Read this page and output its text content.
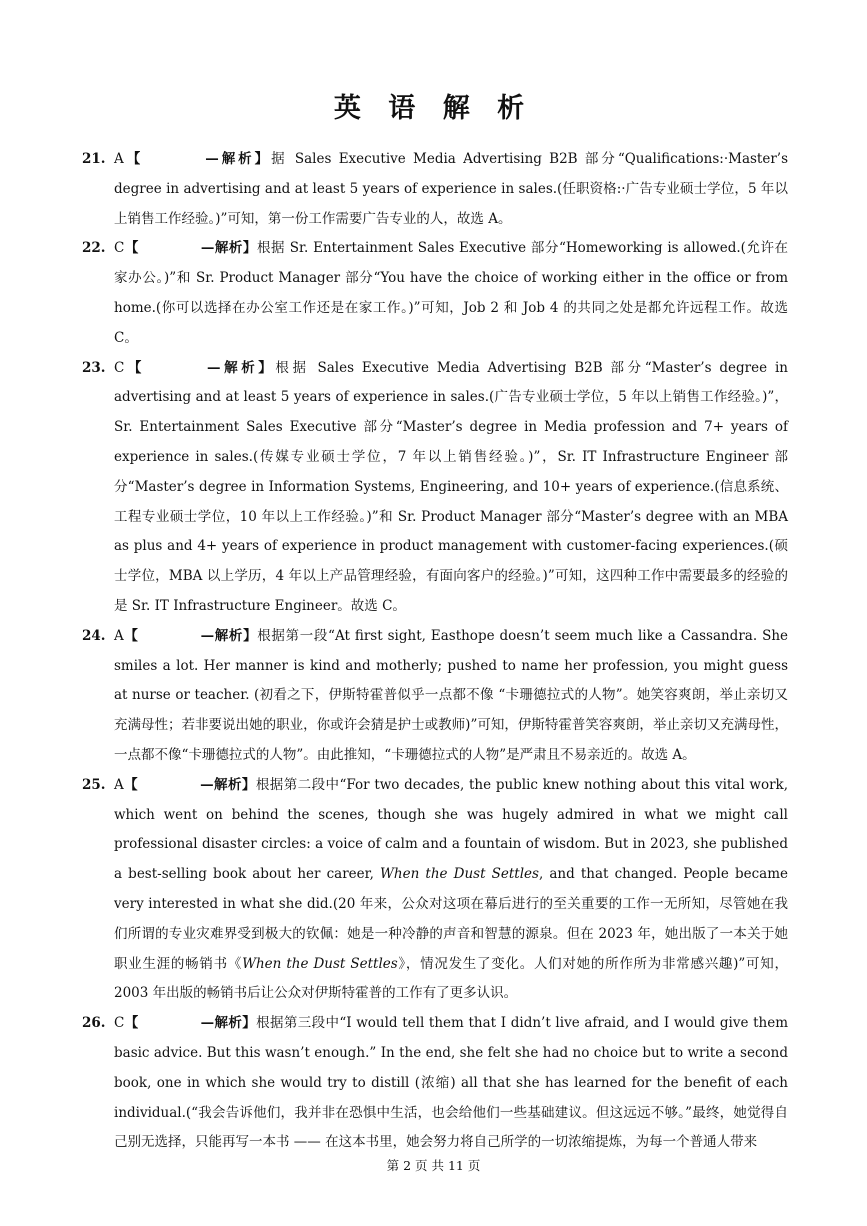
英 语 解 析
21. A【	—解析】据 Sales Executive Media Advertising B2B 部分“Qualifications:·Master’s degree in advertising and at least 5 years of experience in sales.(任职资格:·广告专业硕士学位，5 年以上销售工作经验。)”可知，第一份工作需要广告专业的人，故选 A。
22. C【	—解析】根据 Sr. Entertainment Sales Executive 部分“Homeworking is allowed.(允许在家办公。)”和 Sr. Product Manager 部分“You have the choice of working either in the office or from home.(你可以选择在办公室工作还是在家工作。)”可知，Job 2 和 Job 4 的共同之处是都允许远程工作。故选 C。
23. C【	—解析】根据 Sales Executive Media Advertising B2B 部分“Master’s degree in advertising and at least 5 years of experience in sales.(广告专业硕士学位，5 年以上销售工作经验。)”，Sr. Entertainment Sales Executive 部分“Master’s degree in Media profession and 7+ years of experience in sales.(传媒专业硕士学位，7 年以上销售经验。)”，Sr. IT Infrastructure Engineer 部分“Master’s degree in Information Systems, Engineering, and 10+ years of experience.(信息系统、工程专业硕士学位，10 年以上工作经验。)”和 Sr. Product Manager 部分“Master’s degree with an MBA as plus and 4+ years of experience in product management with customer-facing experiences.(硕士学位，MBA 以上学历，4 年以上产品管理经验，有面向客户的经验。)”可知，这四种工作中需要最多的经验的是 Sr. IT Infrastructure Engineer。故选 C。
24. A【	—解析】根据第一段“At first sight, Easthope doesn’t seem much like a Cassandra. She smiles a lot. Her manner is kind and motherly; pushed to name her profession, you might guess at nurse or teacher. (初看之下，伊斯特霍普似乎一点都不像 “卡珊德拉式的人物”。她笑容爽朗，举止亲切又充满母性；若非要说出她的职业，你或许会猜是护士或教师)”可知，伊斯特霍普笑容爽朗，举止亲切又充满母性，一点都不像“卡珊德拉式的人物”。由此推知，“卡珊德拉式的人物”是严肃且不易亲近的。故选 A。
25. A【	—解析】根据第二段中“For two decades, the public knew nothing about this vital work, which went on behind the scenes, though she was hugely admired in what we might call professional disaster circles: a voice of calm and a fountain of wisdom. But in 2023, she published a best-selling book about her career, When the Dust Settles, and that changed. People became very interested in what she did.(20 年来，公众对这项在幕后进行的至关重要的工作一无所知，尽管她在我们所谓的专业灾难界受到极大的钦佩：她是一种冷静的声音和智慧的源泉。但在 2023 年，她出版了一本关于她职业生涯的畅销书《When the Dust Settles》，情况发生了变化。人们对她的所作所为非常感兴趣)”可知，2003 年出版的畅销书后让公众对伊斯特霍普的工作有了更多认识。
26. C【	—解析】根据第三段中“I would tell them that I didn’t live afraid, and I would give them basic advice. But this wasn’t enough.” In the end, she felt she had no choice but to write a second book, one in which she would try to distill (浓缩) all that she has learned for the benefit of each individual.(“我会告诉他们，我并非在恐惧中生活，也会给他们一些基础建议。但这远远不够。”最终，她觉得自己别无选择，只能再写一本书 —— 在这本书里，她会努力将自己所学的一切浓缩提炼，为每一个普通人带来
第 2 页 共 11 页
